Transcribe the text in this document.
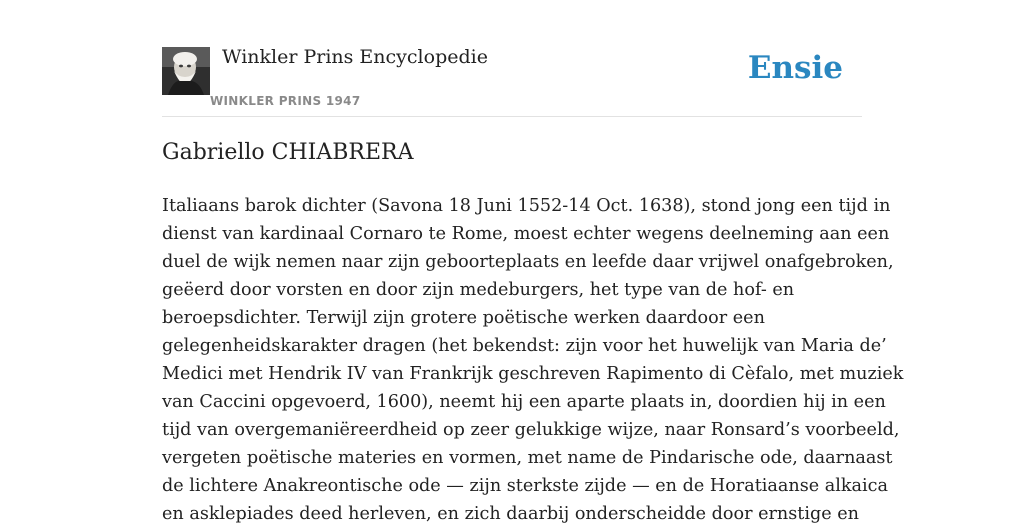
Winkler Prins Encyclopedie
WINKLER PRINS 1947
Ensie
Gabriello CHIABRERA
Italiaans barok dichter (Savona 18 Juni 1552-14 Oct. 1638), stond jong een tijd in
dienst van kardinaal Cornaro te Rome, moest echter wegens deelneming aan een
duel de wijk nemen naar zijn geboorteplaats en leefde daar vrijwel onafgebroken,
geëerd door vorsten en door zijn medeburgers, het type van de hof- en
beroepsdichter. Terwijl zijn grotere poëtische werken daardoor een
gelegenheidskarakter dragen (het bekendst: zijn voor het huwelijk van Maria de’
Medici met Hendrik IV van Frankrijk geschreven Rapimento di Cèfalo, met muziek
van Caccini opgevoerd, 1600), neemt hij een aparte plaats in, doordien hij in een
tijd van overgemaniëreerdheid op zeer gelukkige wijze, naar Ronsard’s voorbeeld,
vergeten poëtische materies en vormen, met name de Pindarische ode, daarnaast
de lichtere Anakreontische ode — zijn sterkste zijde — en de Horatiaanse alkaica
en asklepiades deed herleven, en zich daarbij onderscheidde door ernstige en
